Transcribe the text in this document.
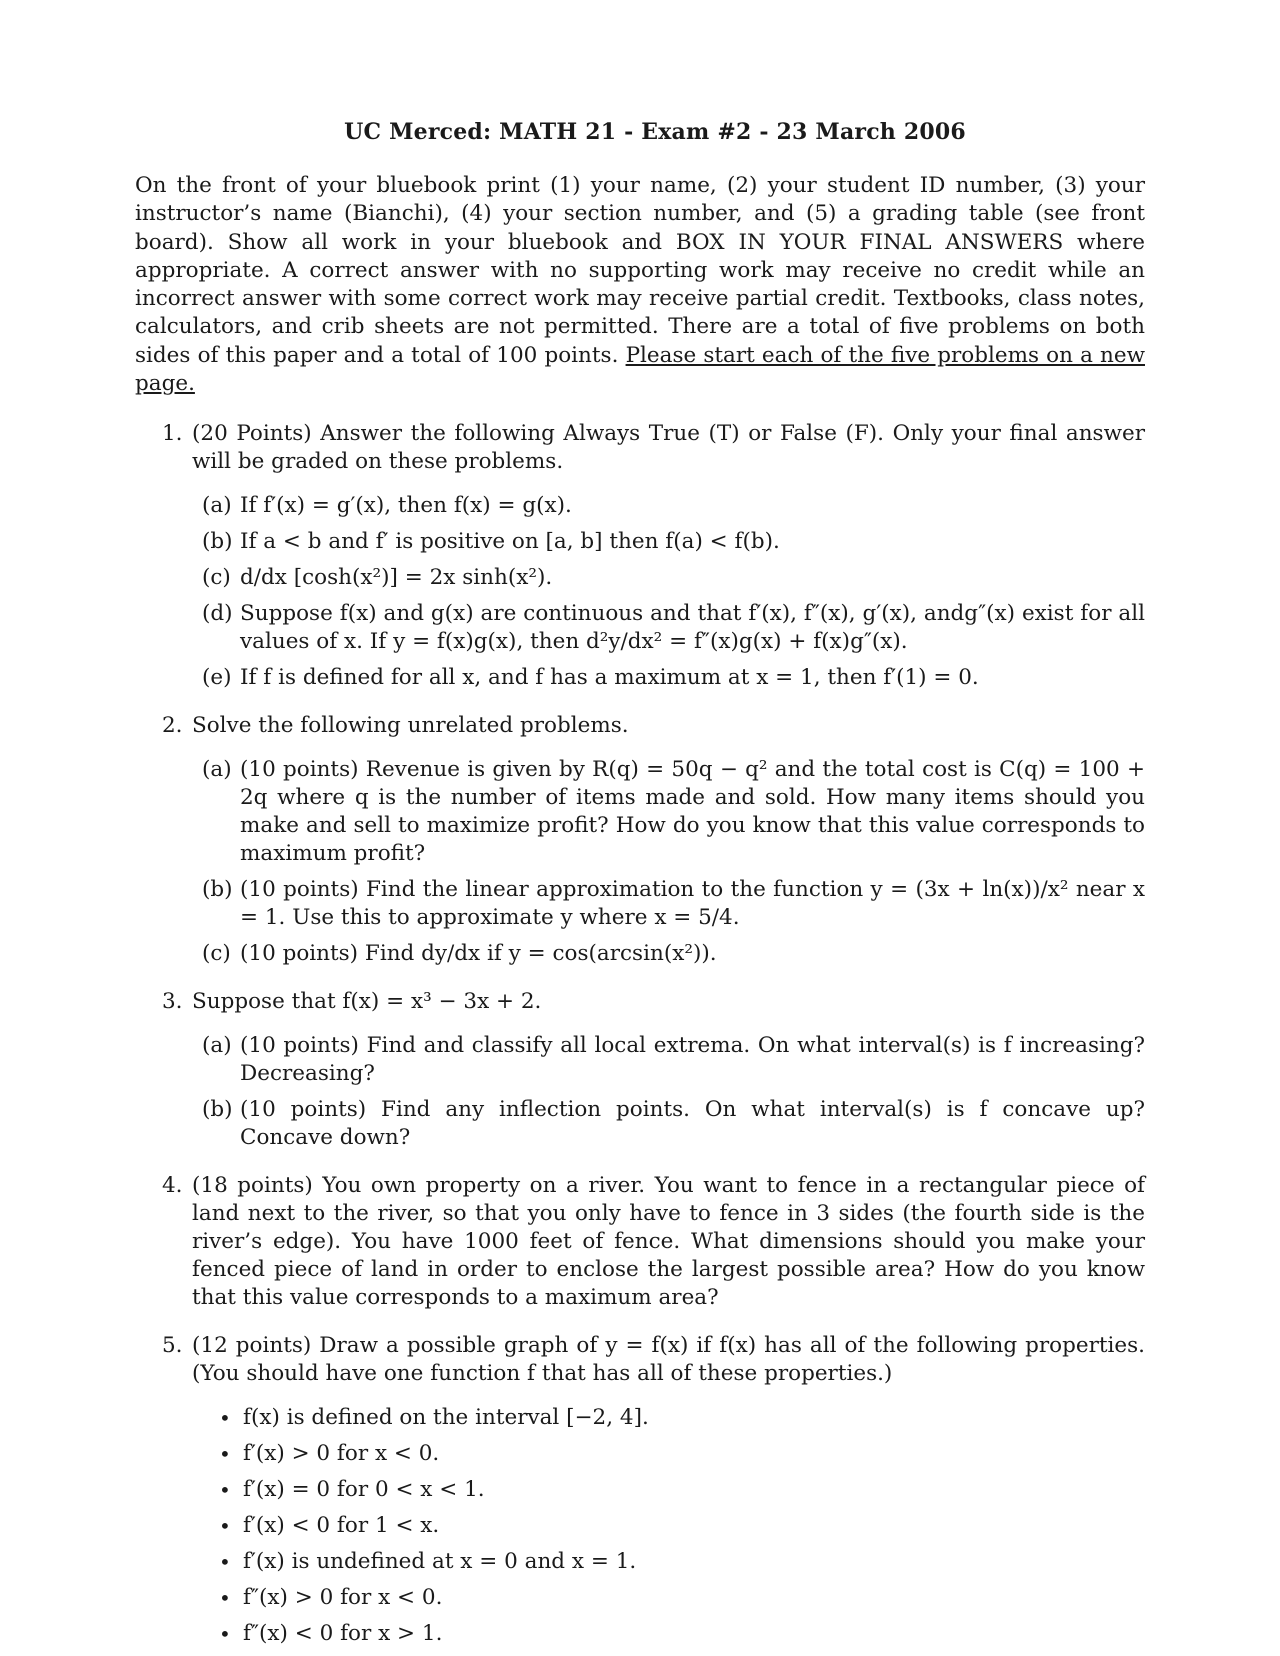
UC Merced: MATH 21 - Exam #2 - 23 March 2006
On the front of your bluebook print (1) your name, (2) your student ID number, (3) your instructor’s name (Bianchi), (4) your section number, and (5) a grading table (see front board). Show all work in your bluebook and BOX IN YOUR FINAL ANSWERS where appropriate. A correct answer with no supporting work may receive no credit while an incorrect answer with some correct work may receive partial credit. Textbooks, class notes, calculators, and crib sheets are not permitted. There are a total of five problems on both sides of this paper and a total of 100 points. Please start each of the five problems on a new page.
1. (20 Points) Answer the following Always True (T) or False (F). Only your final answer will be graded on these problems.
(a) If f′(x) = g′(x), then f(x) = g(x).
(b) If a < b and f′ is positive on [a, b] then f(a) < f(b).
(c) d/dx [cosh(x²)] = 2x sinh(x²).
(d) Suppose f(x) and g(x) are continuous and that f′(x), f″(x), g′(x), andg″(x) exist for all values of x. If y = f(x)g(x), then d²y/dx² = f″(x)g(x) + f(x)g″(x).
(e) If f is defined for all x, and f has a maximum at x = 1, then f′(1) = 0.
2. Solve the following unrelated problems.
(a) (10 points) Revenue is given by R(q) = 50q − q² and the total cost is C(q) = 100 + 2q where q is the number of items made and sold. How many items should you make and sell to maximize profit? How do you know that this value corresponds to maximum profit?
(b) (10 points) Find the linear approximation to the function y = (3x + ln(x))/x² near x = 1. Use this to approximate y where x = 5/4.
(c) (10 points) Find dy/dx if y = cos(arcsin(x²)).
3. Suppose that f(x) = x³ − 3x + 2.
(a) (10 points) Find and classify all local extrema. On what interval(s) is f increasing? Decreasing?
(b) (10 points) Find any inflection points. On what interval(s) is f concave up? Concave down?
4. (18 points) You own property on a river. You want to fence in a rectangular piece of land next to the river, so that you only have to fence in 3 sides (the fourth side is the river’s edge). You have 1000 feet of fence. What dimensions should you make your fenced piece of land in order to enclose the largest possible area? How do you know that this value corresponds to a maximum area?
5. (12 points) Draw a possible graph of y = f(x) if f(x) has all of the following properties. (You should have one function f that has all of these properties.)
• f(x) is defined on the interval [−2, 4].
• f′(x) > 0 for x < 0.
• f′(x) = 0 for 0 < x < 1.
• f′(x) < 0 for 1 < x.
• f′(x) is undefined at x = 0 and x = 1.
• f″(x) > 0 for x < 0.
• f″(x) < 0 for x > 1.
